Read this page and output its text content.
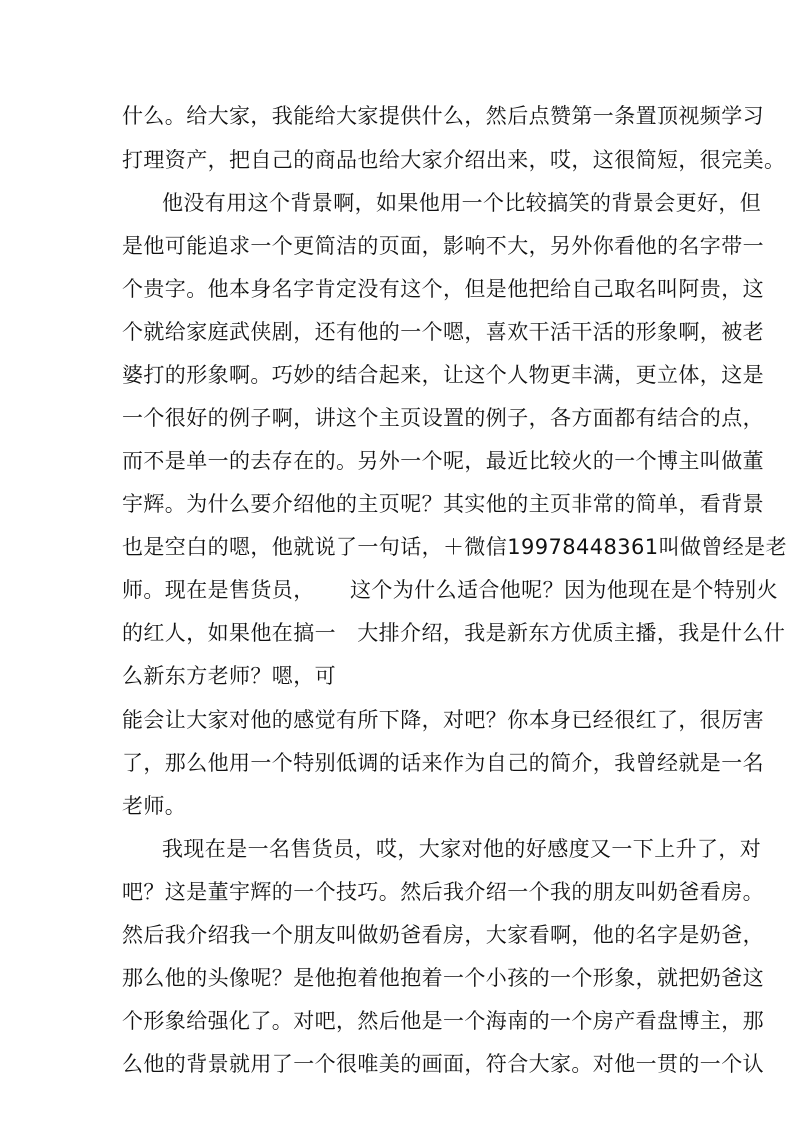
什么。给大家，我能给大家提供什么，然后点赞第一条置顶视频学习
打理资产，把自己的商品也给大家介绍出来，哎，这很简短，很完美。
他没有用这个背景啊，如果他用一个比较搞笑的背景会更好，但
是他可能追求一个更简洁的页面，影响不大，另外你看他的名字带一
个贵字。他本身名字肯定没有这个，但是他把给自己取名叫阿贵，这
个就给家庭武侠剧，还有他的一个嗯，喜欢干活干活的形象啊，被老
婆打的形象啊。巧妙的结合起来，让这个人物更丰满，更立体，这是
一个很好的例子啊，讲这个主页设置的例子，各方面都有结合的点，
而不是单一的去存在的。另外一个呢，最近比较火的一个博主叫做董
宇辉。为什么要介绍他的主页呢？其实他的主页非常的简单，看背景
也是空白的嗯，他就说了一句话，＋微信19978448361叫做曾经是老
师。现在是售货员，     这个为什么适合他呢？因为他现在是个特别火
的红人，如果他在搞一   大排介绍，我是新东方优质主播，我是什么什
么新东方老师？嗯，可
能会让大家对他的感觉有所下降，对吧？你本身已经很红了，很厉害
了，那么他用一个特别低调的话来作为自己的简介，我曾经就是一名
老师。
我现在是一名售货员，哎，大家对他的好感度又一下上升了，对
吧？这是董宇辉的一个技巧。然后我介绍一个我的朋友叫奶爸看房。
然后我介绍我一个朋友叫做奶爸看房，大家看啊，他的名字是奶爸，
那么他的头像呢？是他抱着他抱着一个小孩的一个形象，就把奶爸这
个形象给强化了。对吧，然后他是一个海南的一个房产看盘博主，那
么他的背景就用了一个很唯美的画面，符合大家。对他一贯的一个认
